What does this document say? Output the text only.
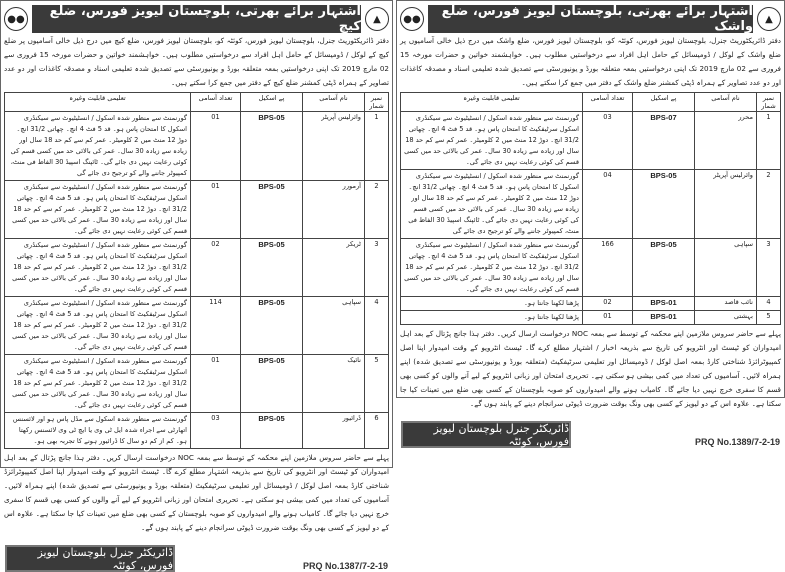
●●	اشتہار برائے بھرتی، بلوچستان لیویز فورس، ضلع کیچ	▲

دفتر ڈائریکٹوریٹ جنرل، بلوچستان لیویز فورس، کوئٹہ کو، بلوچستان لیویز فورس، ضلع کیچ میں درج ذیل خالی آسامیوں پر ضلع کیچ کے لوکل / ڈومیسائل کے حامل اہل افراد سے درخواستیں مطلوب ہیں۔ خواہشمند خواتین و حضرات مورخہ 15 فروری سے 02 مارچ 2019 تک اپنی درخواستیں بمعہ متعلقہ بورڈ و یونیورسٹی سے تصدیق شدہ تعلیمی اسناد و مصدقہ کاغذات اور دو عدد تصاویر کے ہمراہ ڈپٹی کمشنر ضلع کیچ کے دفتر میں جمع کرا سکتے ہیں۔

نمبر شمار	نام آسامی	پے اسکیل	تعداد آسامی	تعلیمی قابلیت وغیرہ
1	وائرلیس آپریٹر	BPS-05	01	گورنمنٹ سے منظور شدہ اسکول / انسٹیٹیوٹ سے سیکنڈری اسکول کا امتحان پاس ہو۔ قد 5 فٹ 4 انچ۔ چھاتی 31/2 انچ۔ دوڑ 12 منٹ میں 2 کلومیٹر۔ عمر کم سے کم حد 18 سال اور زیادہ سے زیادہ 30 سال۔ عمر کی بالائی حد میں کسی قسم کی کوئی رعایت نہیں دی جائے گی۔ ٹائپنگ اسپیڈ 30 الفاظ فی منٹ، کمپیوٹر جاننے والے کو ترجیح دی جائے گی
2	آرمورر	BPS-05	01	گورنمنٹ سے منظور شدہ اسکول / انسٹیٹیوٹ سے سیکنڈری اسکول سرٹیفکیٹ کا امتحان پاس ہو۔ قد 5 فٹ 4 انچ۔ چھاتی 31/2 انچ۔ دوڑ 12 منٹ میں 2 کلومیٹر۔ عمر کم سے کم حد 18 سال اور زیادہ سے زیادہ 30 سال۔ عمر کی بالائی حد میں کسی قسم کی کوئی رعایت نہیں دی جائے گی۔
3	ٹریکر	BPS-05	02	گورنمنٹ سے منظور شدہ اسکول / انسٹیٹیوٹ سے سیکنڈری اسکول سرٹیفکیٹ کا امتحان پاس ہو۔ قد 5 فٹ 4 انچ۔ چھاتی 31/2 انچ۔ دوڑ 12 منٹ میں 2 کلومیٹر۔ عمر کم سے کم حد 18 سال اور زیادہ سے زیادہ 30 سال۔ عمر کی بالائی حد میں کسی قسم کی کوئی رعایت نہیں دی جائے گی۔
4	سپاہی	BPS-05	114	گورنمنٹ سے منظور شدہ اسکول / انسٹیٹیوٹ سے سیکنڈری اسکول سرٹیفکیٹ کا امتحان پاس ہو۔ قد 5 فٹ 4 انچ۔ چھاتی 31/2 انچ۔ دوڑ 12 منٹ میں 2 کلومیٹر۔ عمر کم سے کم حد 18 سال اور زیادہ سے زیادہ 30 سال۔ عمر کی بالائی حد میں کسی قسم کی کوئی رعایت نہیں دی جائے گی۔
5	نائیک	BPS-05	01	گورنمنٹ سے منظور شدہ اسکول / انسٹیٹیوٹ سے سیکنڈری اسکول سرٹیفکیٹ کا امتحان پاس ہو۔ قد 5 فٹ 4 انچ۔ چھاتی 31/2 انچ۔ دوڑ 12 منٹ میں 2 کلومیٹر۔ عمر کم سے کم حد 18 سال اور زیادہ سے زیادہ 30 سال۔ عمر کی بالائی حد میں کسی قسم کی کوئی رعایت نہیں دی جائے گی۔
6	ڈرائیور	BPS-05	03	گورنمنٹ سے منظور شدہ اسکول سے مڈل پاس ہو اور لائسنس اتھارٹی سے اجراء شدہ ایل ٹی وی یا ایچ ٹی وی لائسنس رکھتا ہو۔ کم از کم دو سال کا ڈرائیور ہونے کا تجربہ بھی ہو۔

پہلے سے حاضر سروس ملازمین اپنے محکمہ کے توسط سے بمعہ NOC درخواست ارسال کریں۔ دفتر ہذا جانچ پڑتال کے بعد اہل امیدواران کو ٹیسٹ اور انٹرویو کی تاریخ سے بذریعہ اشتہار مطلع کرے گا۔ ٹیسٹ انٹرویو کے وقت امیدوار اپنا اصل کمپیوٹرائزڈ شناختی کارڈ بمعہ اصل لوکل / ڈومیسائل اور تعلیمی سرٹیفکیٹ (متعلقہ بورڈ و یونیورسٹی سے تصدیق شدہ) اپنے ہمراہ لائیں۔ آسامیوں کی تعداد میں کمی بیشی ہو سکتی ہے۔ تحریری امتحان اور زبانی انٹرویو کے لیے آنے والوں کو کسی بھی قسم کا سفری خرچ نہیں دیا جائے گا۔ کامیاب ہونے والے امیدواروں کو صوبہ بلوچستان کے کسی بھی ضلع میں تعینات کیا جا سکتا ہے۔ علاوہ اس کے دو لیویز کے کسی بھی ونگ بوقت ضرورت ڈیوٹی سرانجام دینے کے پابند ہوں گے۔

ڈائریکٹر جنرل بلوچستان لیویز فورس، کوئٹہ	PRQ No.1387/7-2-19
●●	اشتہار برائے بھرتی، بلوچستان لیویز فورس، ضلع واشک	▲

دفتر ڈائریکٹوریٹ جنرل، بلوچستان لیویز فورس، کوئٹہ کو، بلوچستان لیویز فورس، ضلع واشک میں درج ذیل خالی آسامیوں پر ضلع واشک کے لوکل / ڈومیسائل کے حامل اہل افراد سے درخواستیں مطلوب ہیں۔ خواہشمند خواتین و حضرات مورخہ 15 فروری سے 02 مارچ 2019 تک اپنی درخواستیں بمعہ متعلقہ بورڈ و یونیورسٹی سے تصدیق شدہ تعلیمی اسناد و مصدقہ کاغذات اور دو عدد تصاویر کے ہمراہ ڈپٹی کمشنر ضلع واشک کے دفتر میں جمع کرا سکتے ہیں۔

نمبر شمار	نام آسامی	پے اسکیل	تعداد آسامی	تعلیمی قابلیت وغیرہ
1	محرر	BPS-07	03	گورنمنٹ سے منظور شدہ اسکول / انسٹیٹیوٹ سے سیکنڈری اسکول سرٹیفکیٹ کا امتحان پاس ہو۔ قد 5 فٹ 4 انچ۔ چھاتی 31/2 انچ۔ دوڑ 12 منٹ میں 2 کلومیٹر۔ عمر کم سے کم حد 18 سال اور زیادہ سے زیادہ 30 سال۔ عمر کی بالائی حد میں کسی قسم کی کوئی رعایت نہیں دی جائے گی۔
2	وائرلیس آپریٹر	BPS-05	04	گورنمنٹ سے منظور شدہ اسکول / انسٹیٹیوٹ سے سیکنڈری اسکول کا امتحان پاس ہو۔ قد 5 فٹ 4 انچ۔ چھاتی 31/2 انچ۔ دوڑ 12 منٹ میں 2 کلومیٹر۔ عمر کم سے کم حد 18 سال اور زیادہ سے زیادہ 30 سال۔ عمر کی بالائی حد میں کسی قسم کی کوئی رعایت نہیں دی جائے گی۔ ٹائپنگ اسپیڈ 30 الفاظ فی منٹ، کمپیوٹر جاننے والے کو ترجیح دی جائے گی
3	سپاہی	BPS-05	166	گورنمنٹ سے منظور شدہ اسکول / انسٹیٹیوٹ سے سیکنڈری اسکول سرٹیفکیٹ کا امتحان پاس ہو۔ قد 5 فٹ 4 انچ۔ چھاتی 31/2 انچ۔ دوڑ 12 منٹ میں 2 کلومیٹر۔ عمر کم سے کم حد 18 سال اور زیادہ سے زیادہ 30 سال۔ عمر کی بالائی حد میں کسی قسم کی کوئی رعایت نہیں دی جائے گی۔
4	نائب قاصد	BPS-01	02	پڑھنا لکھنا جانتا ہو۔
5	بہشتی	BPS-01	01	پڑھنا لکھنا جانتا ہو۔

پہلے سے حاضر سروس ملازمین اپنے محکمہ کے توسط سے بمعہ NOC درخواست ارسال کریں۔ دفتر ہذا جانچ پڑتال کے بعد اہل امیدواران کو ٹیسٹ اور انٹرویو کی تاریخ سے بذریعہ اخبار / اشتہار مطلع کرے گا۔ ٹیسٹ انٹرویو کے وقت امیدوار اپنا اصل کمپیوٹرائزڈ شناختی کارڈ بمعہ اصل لوکل / ڈومیسائل اور تعلیمی سرٹیفکیٹ (متعلقہ بورڈ و یونیورسٹی سے تصدیق شدہ) اپنے ہمراہ لائیں۔ آسامیوں کی تعداد میں کمی بیشی ہو سکتی ہے۔ تحریری امتحان اور زبانی انٹرویو کے لیے آنے والوں کو کسی بھی قسم کا سفری خرچ نہیں دیا جائے گا۔ کامیاب ہونے والے امیدواروں کو صوبہ بلوچستان کے کسی بھی ضلع میں تعینات کیا جا سکتا ہے۔ علاوہ اس کے دو لیویز کے کسی بھی ونگ بوقت ضرورت ڈیوٹی سرانجام دینے کے پابند ہوں گے۔

ڈائریکٹر جنرل بلوچستان لیویز فورس، کوئٹہ	PRQ No.1389/7-2-19
